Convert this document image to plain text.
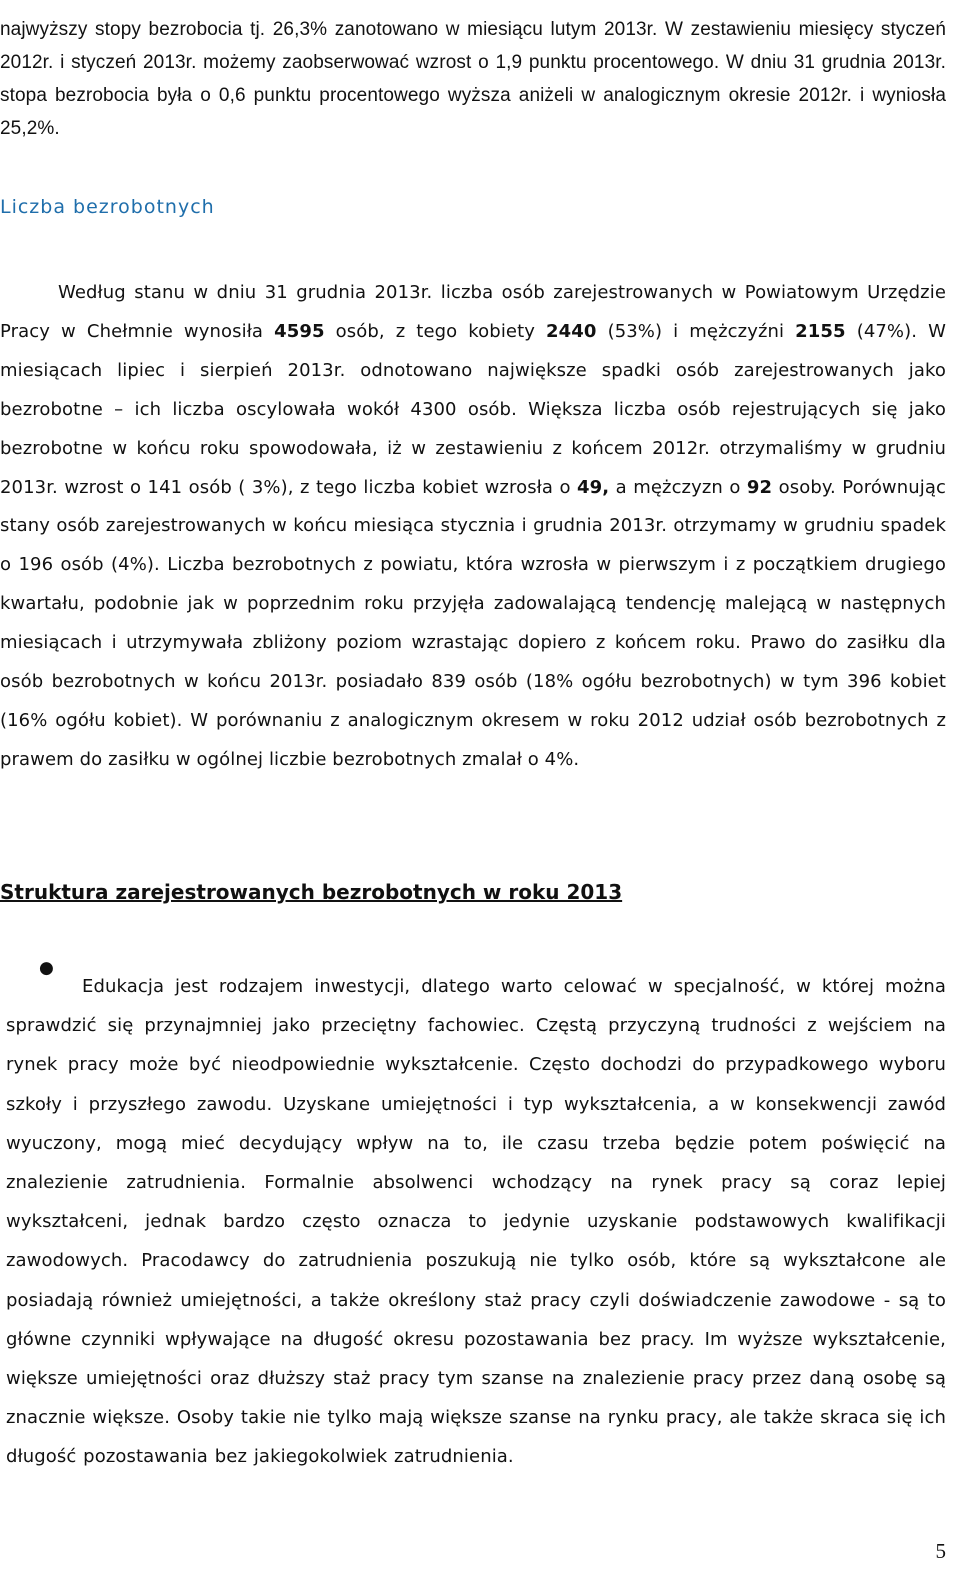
najwyższy stopy bezrobocia tj. 26,3% zanotowano w miesiącu lutym 2013r. W zestawieniu miesięcy styczeń 2012r. i styczeń 2013r. możemy zaobserwować wzrost o 1,9 punktu procentowego. W dniu 31 grudnia 2013r. stopa bezrobocia była o 0,6 punktu procentowego wyższa aniżeli w analogicznym okresie 2012r. i wyniosła 25,2%.

Liczba bezrobotnych

Według stanu w dniu 31 grudnia 2013r. liczba osób zarejestrowanych w Powiatowym Urzędzie Pracy w Chełmnie wynosiła 4595 osób, z tego kobiety 2440 (53%) i mężczyźni 2155 (47%). W miesiącach lipiec i sierpień 2013r. odnotowano największe spadki osób zarejestrowanych jako bezrobotne – ich liczba oscylowała wokół 4300 osób. Większa liczba osób rejestrujących się jako bezrobotne w końcu roku spowodowała, iż w zestawieniu z końcem 2012r. otrzymaliśmy w grudniu 2013r. wzrost o 141 osób ( 3%), z tego liczba kobiet wzrosła o 49, a mężczyzn o 92 osoby. Porównując stany osób zarejestrowanych w końcu miesiąca stycznia i grudnia 2013r. otrzymamy w grudniu spadek o 196 osób (4%). Liczba bezrobotnych z powiatu, która wzrosła w pierwszym i z początkiem drugiego kwartału, podobnie jak w poprzednim roku przyjęła zadowalającą tendencję malejącą w następnych miesiącach i utrzymywała zbliżony poziom wzrastając dopiero z końcem roku. Prawo do zasiłku dla osób bezrobotnych w końcu 2013r. posiadało 839 osób (18% ogółu bezrobotnych) w tym 396 kobiet (16% ogółu kobiet). W porównaniu z analogicznym okresem w roku 2012 udział osób bezrobotnych z prawem do zasiłku w ogólnej liczbie bezrobotnych zmalał o 4%.

Struktura zarejestrowanych bezrobotnych w roku 2013
●

Edukacja jest rodzajem inwestycji, dlatego warto celować w specjalność, w której można sprawdzić się przynajmniej jako przeciętny fachowiec. Częstą przyczyną trudności z wejściem na rynek pracy może być nieodpowiednie wykształcenie. Często dochodzi do przypadkowego wyboru szkoły i przyszłego zawodu. Uzyskane umiejętności i typ wykształcenia, a w konsekwencji zawód wyuczony, mogą mieć decydujący wpływ na to, ile czasu trzeba będzie potem poświęcić na znalezienie zatrudnienia. Formalnie absolwenci wchodzący na rynek pracy są coraz lepiej wykształceni, jednak bardzo często oznacza to jedynie uzyskanie podstawowych kwalifikacji zawodowych. Pracodawcy do zatrudnienia poszukują nie tylko osób, które są wykształcone ale posiadają również umiejętności, a także określony staż pracy czyli doświadczenie zawodowe - są to główne czynniki wpływające na długość okresu pozostawania bez pracy. Im wyższe wykształcenie, większe umiejętności oraz dłuższy staż pracy tym szanse na znalezienie pracy przez daną osobę są znacznie większe. Osoby takie nie tylko mają większe szanse na rynku pracy, ale także skraca się ich długość pozostawania bez jakiegokolwiek zatrudnienia.

5
